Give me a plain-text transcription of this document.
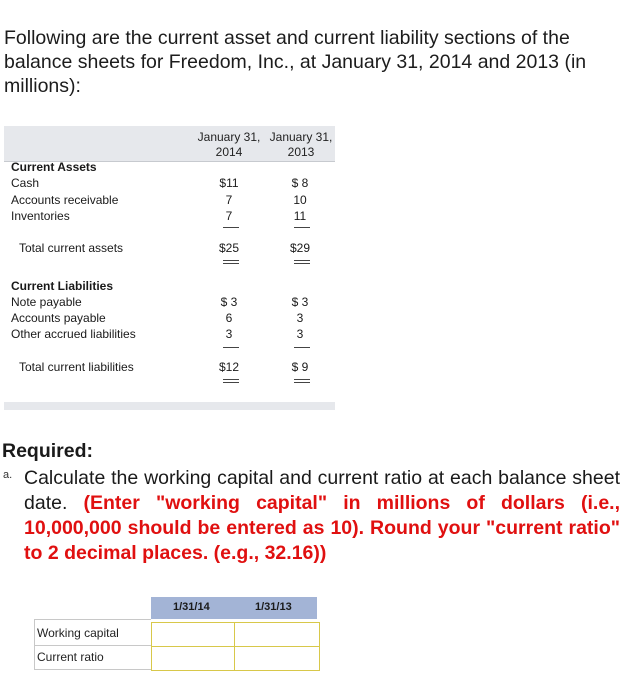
Following are the current asset and current liability sections of the balance sheets for Freedom, Inc., at January 31, 2014 and 2013 (in millions):
January 31,
2014
January 31,
2013
Current Assets
Cash	$11	$ 8
Accounts receivable	7	10
Inventories	7	11
Total current assets	$25	$29
Current Liabilities
Note payable	$ 3	$ 3
Accounts payable	6	3
Other accrued liabilities	3	3
Total current liabilities	$12	$ 9
Required:
a. Calculate the working capital and current ratio at each balance sheet date. (Enter "working capital" in millions of dollars (i.e., 10,000,000 should be entered as 10). Round your "current ratio" to 2 decimal places. (e.g., 32.16))
1/31/14	1/31/13
Working capital
Current ratio
